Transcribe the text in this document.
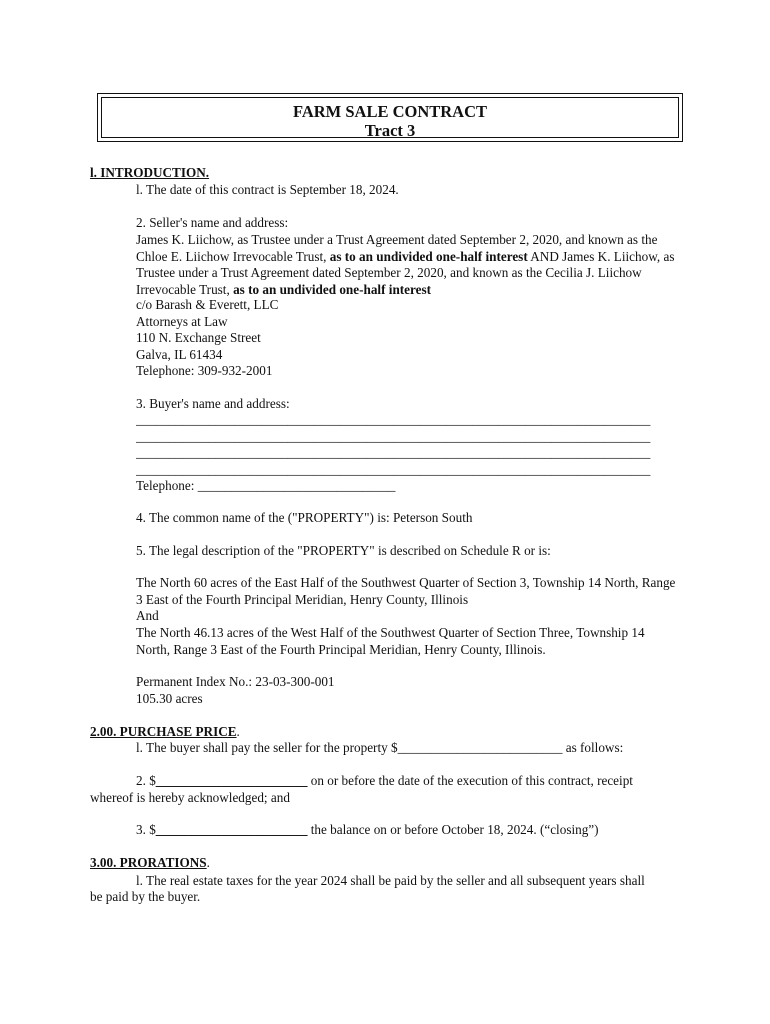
FARM SALE CONTRACT
Tract 3
l. INTRODUCTION.
l. The date of this contract is September 18, 2024.
2. Seller's name and address:
James K. Liichow, as Trustee under a Trust Agreement dated September 2, 2020, and known as the Chloe E. Liichow Irrevocable Trust, as to an undivided one-half interest AND James K. Liichow, as Trustee under a Trust Agreement dated September 2, 2020, and known as the Cecilia J. Liichow Irrevocable Trust, as to an undivided one-half interest
c/o Barash & Everett, LLC
Attorneys at Law
110 N. Exchange Street
Galva, IL 61434
Telephone: 309-932-2001
3. Buyer's name and address:
______________________________________________________________________________
______________________________________________________________________________
______________________________________________________________________________
______________________________________________________________________________
Telephone: ______________________________
4. The common name of the ("PROPERTY") is: Peterson South
5. The legal description of the "PROPERTY" is described on Schedule R or is:
The North 60 acres of the East Half of the Southwest Quarter of Section 3, Township 14 North, Range 3 East of the Fourth Principal Meridian, Henry County, Illinois
And
The North 46.13 acres of the West Half of the Southwest Quarter of Section Three, Township 14 North, Range 3 East of the Fourth Principal Meridian, Henry County, Illinois.
Permanent Index No.: 23-03-300-001
105.30 acres
2.00. PURCHASE PRICE.
l. The buyer shall pay the seller for the property $_________________________ as follows:
2. $_______________________ on or before the date of the execution of this contract, receipt
whereof is hereby acknowledged; and
3. $_______________________ the balance on or before October 18, 2024. (“closing”)
3.00. PRORATIONS.
l. The real estate taxes for the year 2024 shall be paid by the seller and all subsequent years shall
be paid by the buyer.
